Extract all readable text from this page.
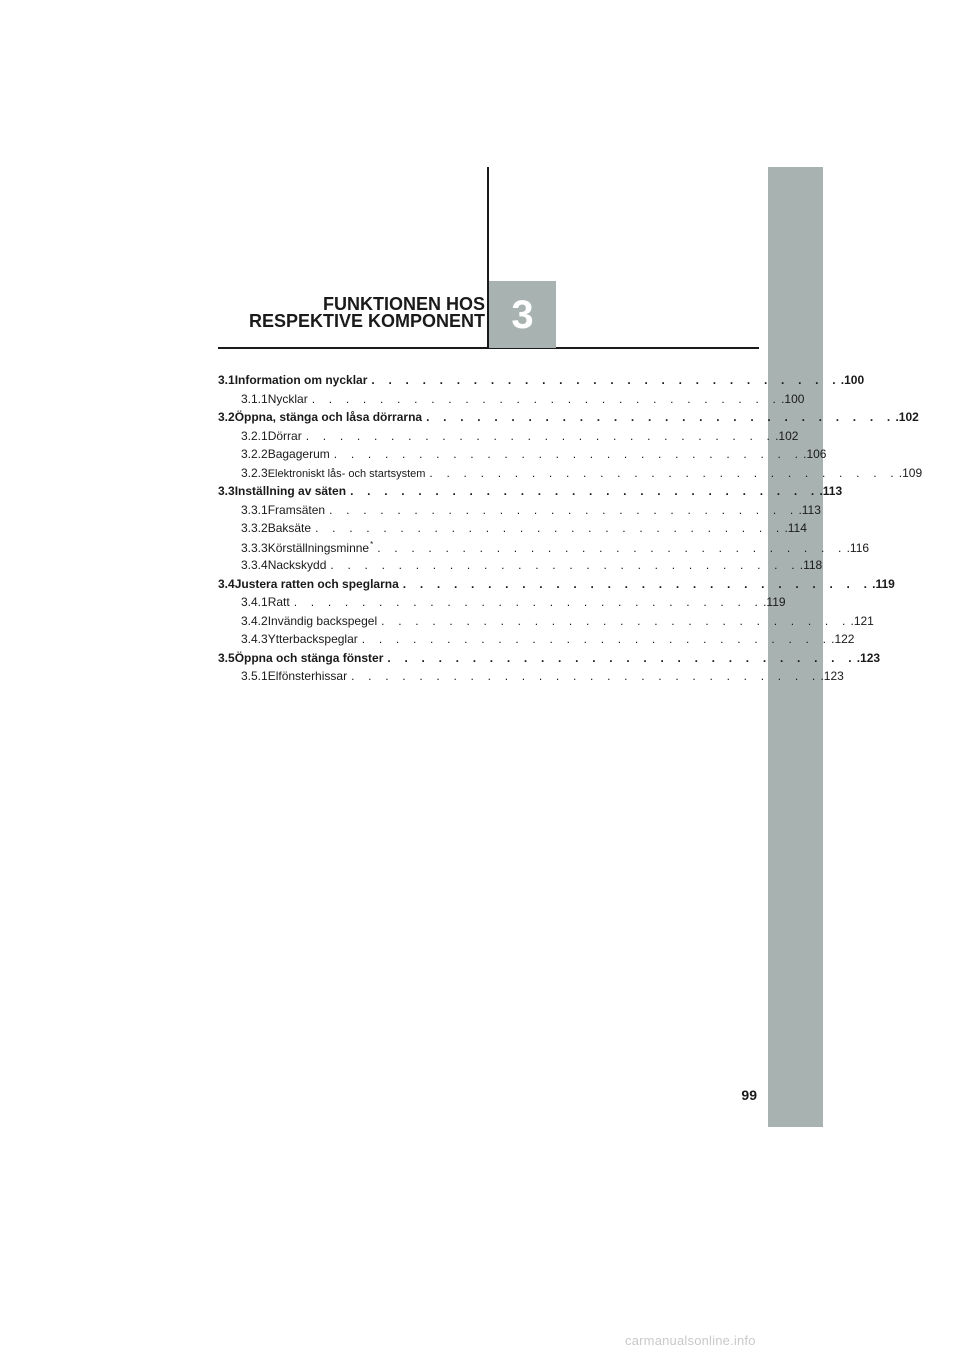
FUNKTIONEN HOS
RESPEKTIVE KOMPONENT 3
3.1 Information om nycklar . . . . . . . . . . . . . . . . . . . . . . . . . . . . .100
3.1.1 Nycklar . . . . . . . . . . . . . . . . . . . . . . . . . . . . .100
3.2 Öppna, stänga och låsa dörrarna . . . . . . . . . . . . . . . . . . . . . . . . . . . . .102
3.2.1 Dörrar . . . . . . . . . . . . . . . . . . . . . . . . . . . . .102
3.2.2 Bagagerum . . . . . . . . . . . . . . . . . . . . . . . . . . . . .106
3.2.3 Elektroniskt lås- och startsystem . . . . . . . . . . . . . . . . . . . . . . . . . . . . .109
3.3 Inställning av säten . . . . . . . . . . . . . . . . . . . . . . . . . . . . .113
3.3.1 Framsäten . . . . . . . . . . . . . . . . . . . . . . . . . . . . .113
3.3.2 Baksäte . . . . . . . . . . . . . . . . . . . . . . . . . . . . .114
3.3.3 Körställningsminne* . . . . . . . . . . . . . . . . . . . . . . . . . . . . .116
3.3.4 Nackskydd . . . . . . . . . . . . . . . . . . . . . . . . . . . . .118
3.4 Justera ratten och speglarna . . . . . . . . . . . . . . . . . . . . . . . . . . . . .119
3.4.1 Ratt . . . . . . . . . . . . . . . . . . . . . . . . . . . . .119
3.4.2 Invändig backspegel . . . . . . . . . . . . . . . . . . . . . . . . . . . . .121
3.4.3 Ytterbackspeglar . . . . . . . . . . . . . . . . . . . . . . . . . . . . .122
3.5 Öppna och stänga fönster . . . . . . . . . . . . . . . . . . . . . . . . . . . . .123
3.5.1 Elfönsterhissar . . . . . . . . . . . . . . . . . . . . . . . . . . . . .123
99
carmanualsonline.info
